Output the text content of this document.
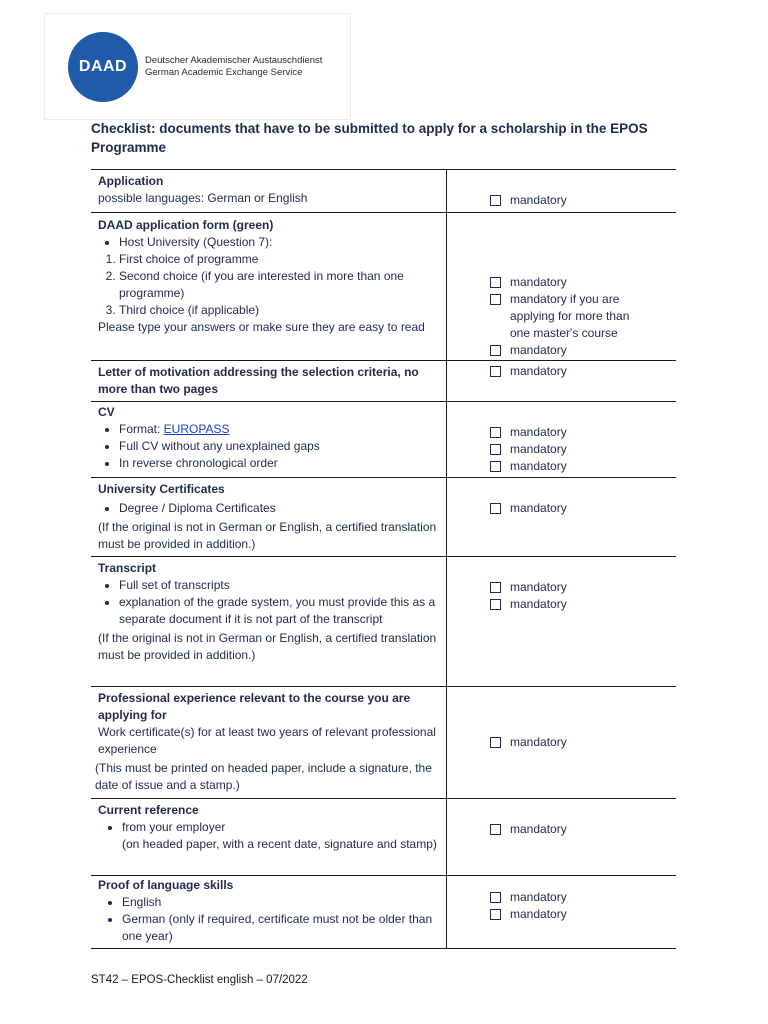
DAAD	Deutscher Akademischer Austauschdienst
German Academic Exchange Service
Checklist: documents that have to be submitted to apply for a scholarship in the EPOS Programme
Application
possible languages: German or English	mandatory
DAAD application form (green)
• Host University (Question 7):
1. First choice of programme
2. Second choice (if you are interested in more than one programme)
3. Third choice (if applicable)
Please type your answers or make sure they are easy to read
mandatory
mandatory if you are applying for more than one master's course
mandatory
Letter of motivation addressing the selection criteria, no more than two pages
mandatory
CV
• Format: EUROPASS
• Full CV without any unexplained gaps
• In reverse chronological order
mandatory
mandatory
mandatory
University Certificates
• Degree / Diploma Certificates
(If the original is not in German or English, a certified translation must be provided in addition.)
mandatory
Transcript
• Full set of transcripts
• explanation of the grade system, you must provide this as a separate document if it is not part of the transcript
(If the original is not in German or English, a certified translation must be provided in addition.)
mandatory
mandatory
Professional experience relevant to the course you are applying for
Work certificate(s) for at least two years of relevant professional experience
(This must be printed on headed paper, include a signature, the date of issue and a stamp.)
mandatory
Current reference
• from your employer
(on headed paper, with a recent date, signature and stamp)
mandatory
Proof of language skills
• English
• German (only if required, certificate must not be older than one year)
mandatory
mandatory
ST42 – EPOS-Checklist english – 07/2022
